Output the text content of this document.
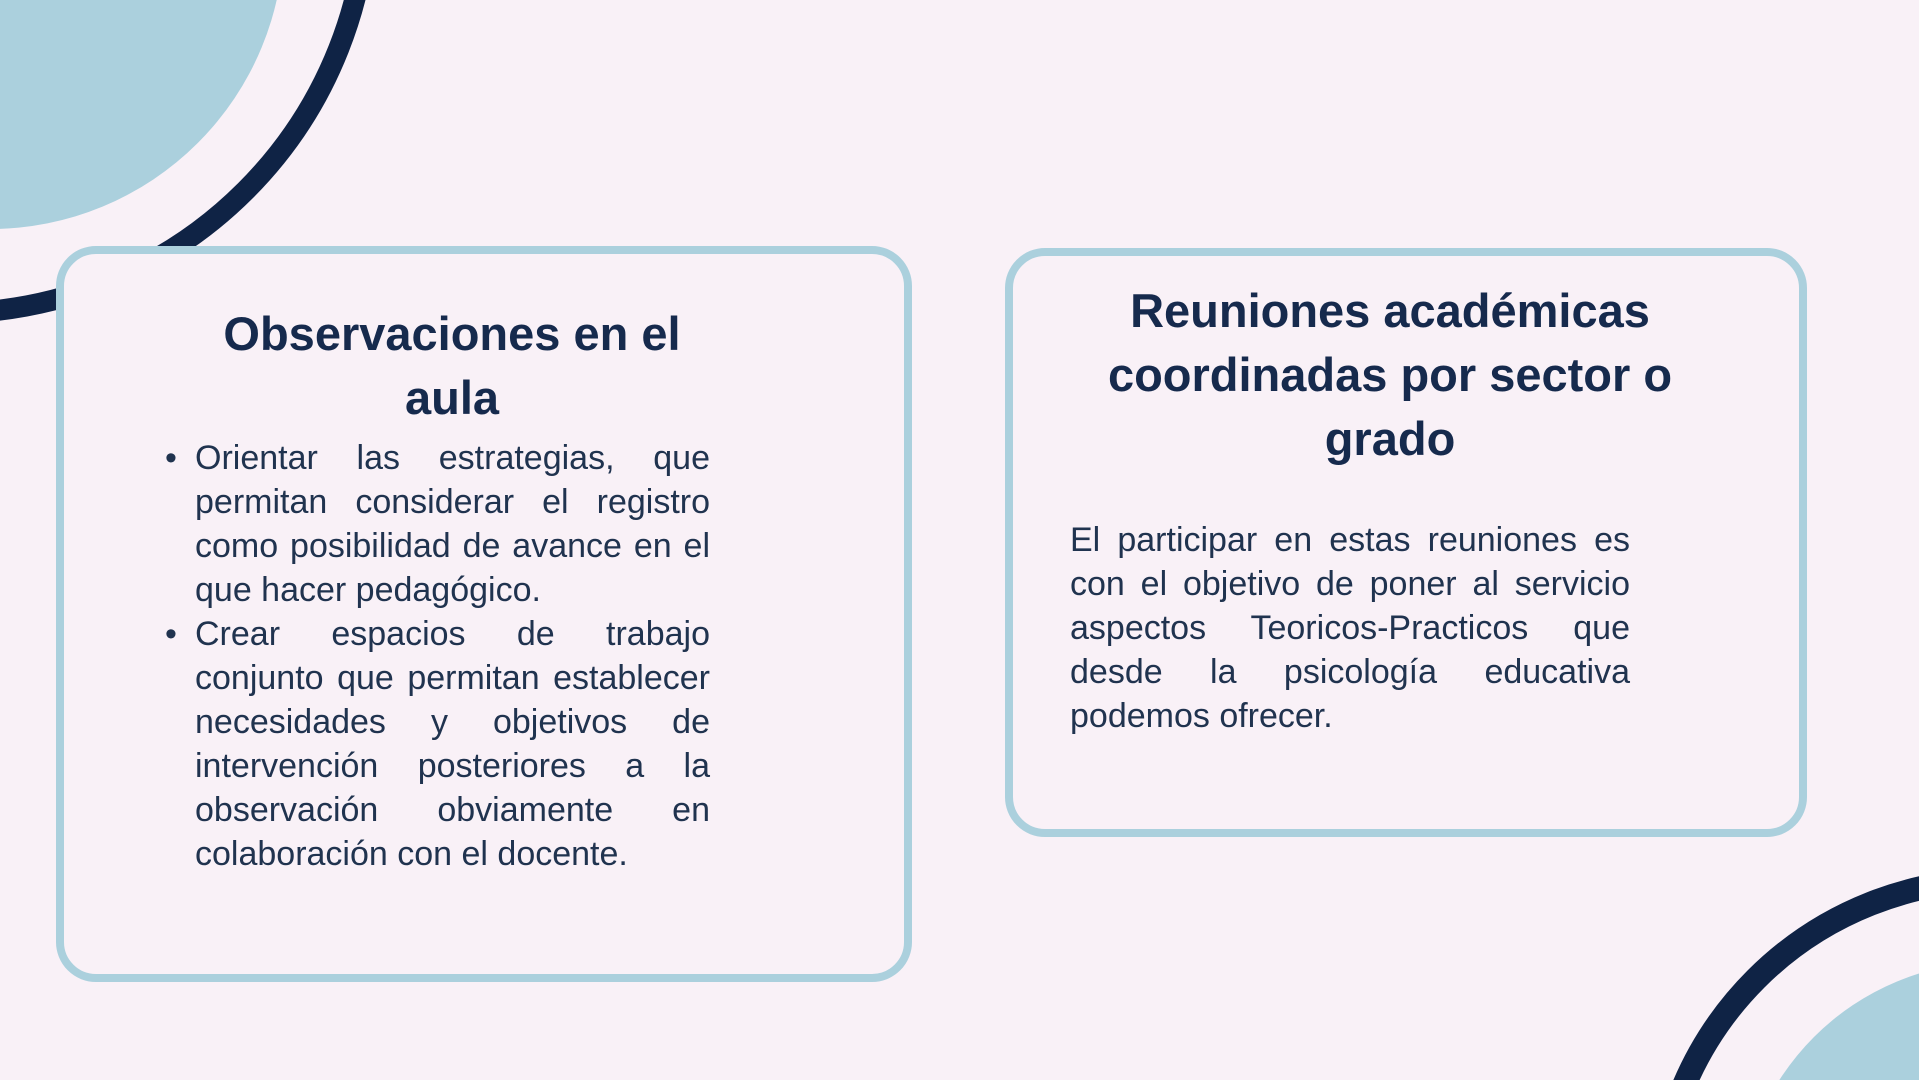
Observaciones en el aula
• Orientar las estrategias, que permitan considerar el registro como posibilidad de avance en el que hacer pedagógico.
• Crear espacios de trabajo conjunto que permitan establecer necesidades y objetivos de intervención posteriores a la observación obviamente en colaboración con el docente.
Reuniones académicas coordinadas por sector o grado
El participar en estas reuniones es con el objetivo de poner al servicio aspectos Teoricos-Practicos que desde la psicología educativa podemos ofrecer.
